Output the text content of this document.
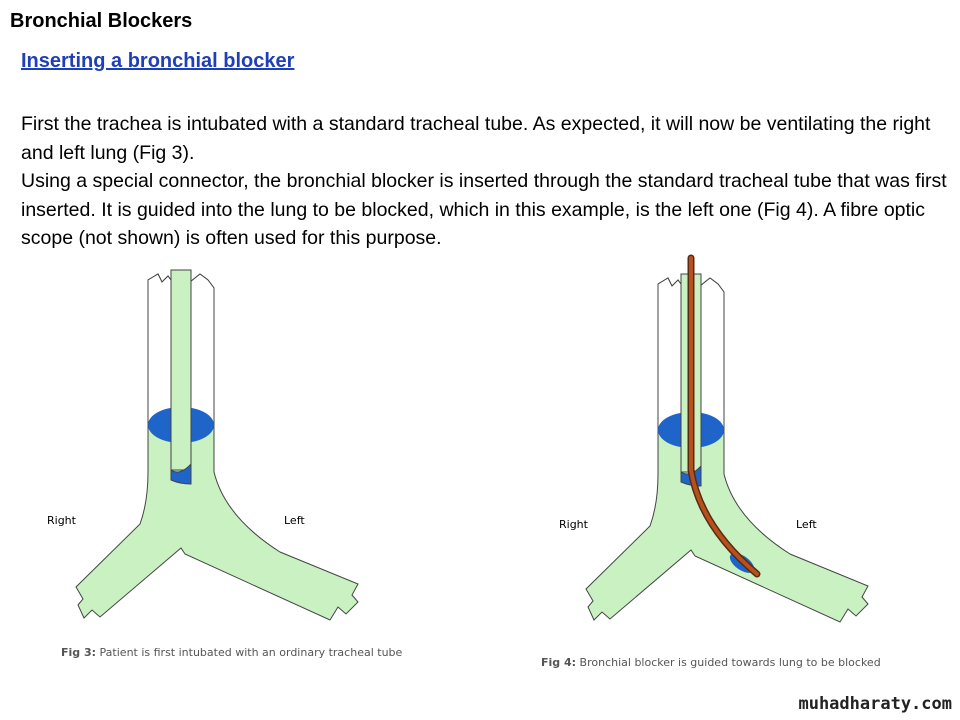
Bronchial Blockers
Inserting a bronchial blocker

First the trachea is intubated with a standard tracheal tube. As expected, it will now be ventilating the right and left lung (Fig 3).

Using a special connector, the bronchial blocker is inserted through the standard tracheal tube that was first inserted. It is guided into the lung to be blocked, which in this example, is the left one (Fig 4). A fibre optic scope (not shown) is often used for this purpose.

Right	Left
Fig 3: Patient is first intubated with an ordinary tracheal tube
Right	Left
Fig 4: Bronchial blocker is guided towards lung to be blocked
muhadharaty.com
